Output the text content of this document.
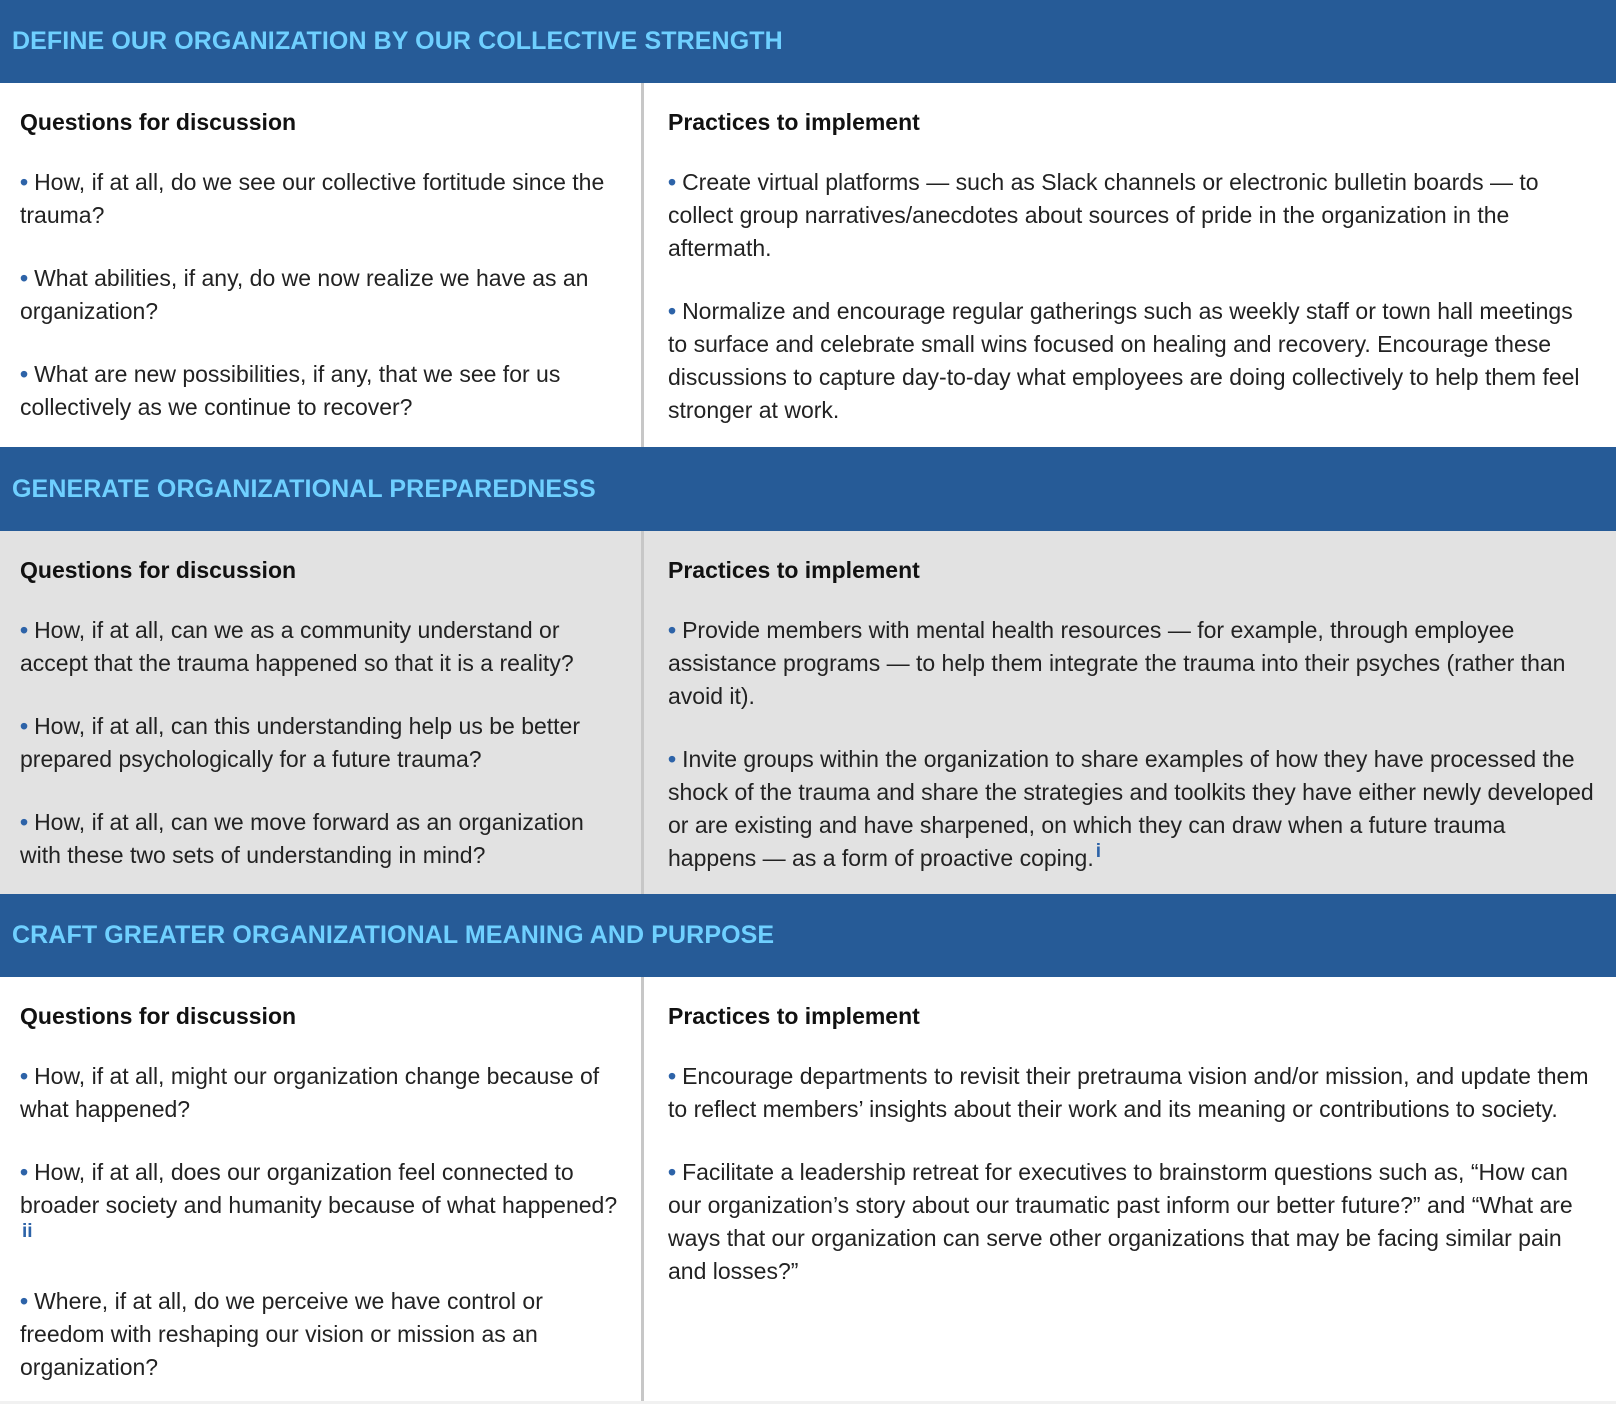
DEFINE OUR ORGANIZATION BY OUR COLLECTIVE STRENGTH
Questions for discussion
• How, if at all, do we see our collective fortitude since the trauma?
• What abilities, if any, do we now realize we have as an organization?
• What are new possibilities, if any, that we see for us collectively as we continue to recover?
Practices to implement
• Create virtual platforms — such as Slack channels or electronic bulletin boards — to collect group narratives/anecdotes about sources of pride in the organization in the aftermath.
• Normalize and encourage regular gatherings such as weekly staff or town hall meetings to surface and celebrate small wins focused on healing and recovery. Encourage these discussions to capture day-to-day what employees are doing collectively to help them feel stronger at work.
GENERATE ORGANIZATIONAL PREPAREDNESS
Questions for discussion
• How, if at all, can we as a community understand or accept that the trauma happened so that it is a reality?
• How, if at all, can this understanding help us be better prepared psychologically for a future trauma?
• How, if at all, can we move forward as an organization with these two sets of understanding in mind?
Practices to implement
• Provide members with mental health resources — for example, through employee assistance programs — to help them integrate the trauma into their psyches (rather than avoid it).
• Invite groups within the organization to share examples of how they have processed the shock of the trauma and share the strategies and toolkits they have either newly developed or are existing and have sharpened, on which they can draw when a future trauma happens — as a form of proactive coping. $^i$
CRAFT GREATER ORGANIZATIONAL MEANING AND PURPOSE
Questions for discussion
• How, if at all, might our organization change because of what happened?
• How, if at all, does our organization feel connected to broader society and humanity because of what happened?$^{ii}$
• Where, if at all, do we perceive we have control or freedom with reshaping our vision or mission as an organization?
Practices to implement
• Encourage departments to revisit their pretrauma vision and/or mission, and update them to reflect members’ insights about their work and its meaning or contributions to society.
• Facilitate a leadership retreat for executives to brainstorm questions such as, “How can our organization’s story about our traumatic past inform our better future?” and “What are ways that our organization can serve other organizations that may be facing similar pain and losses?”
